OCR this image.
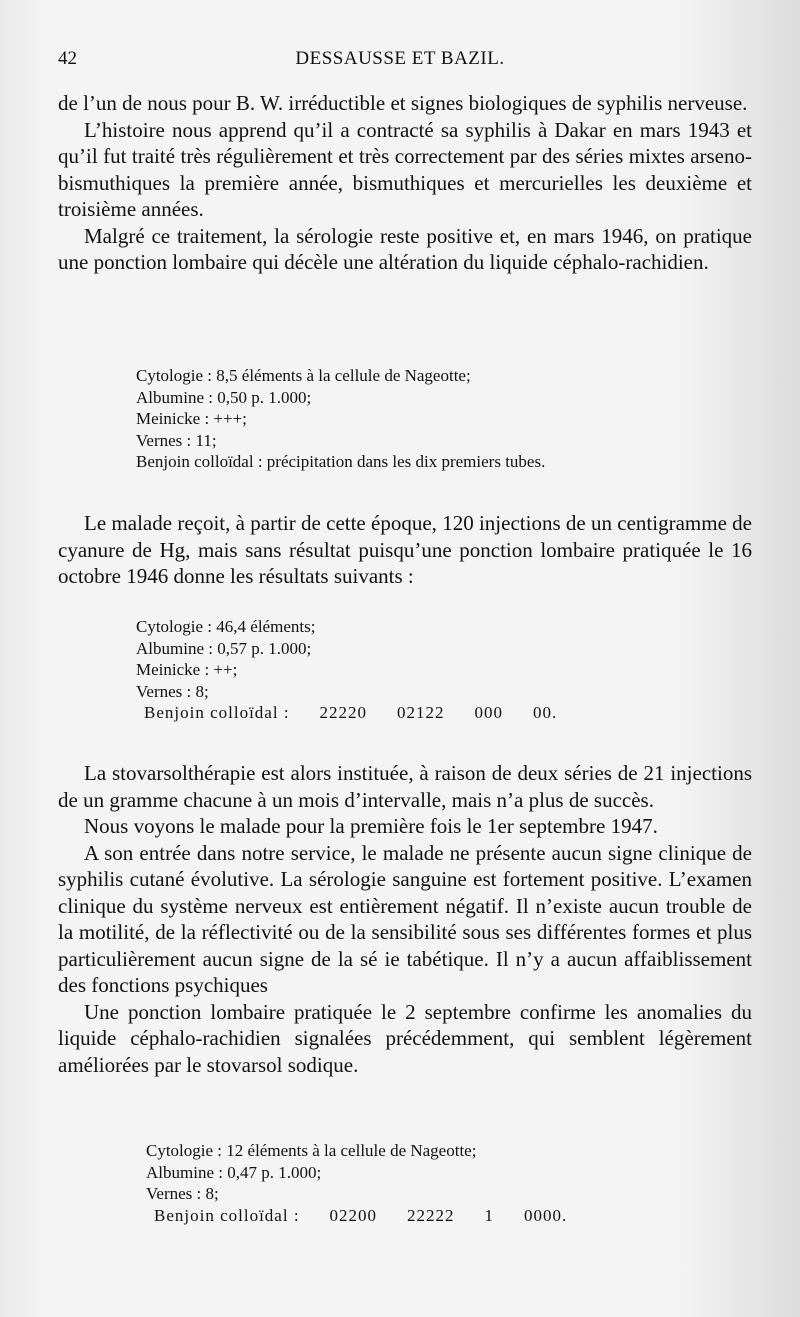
42	DESSAUSSE ET BAZIL.

de l’un de nous pour B. W. irréductible et signes biologiques de syphilis nerveuse.

L’histoire nous apprend qu’il a contracté sa syphilis à Dakar en mars 1943 et qu’il fut traité très régulièrement et très correctement par des séries mixtes arseno-bismuthiques la première année, bismuthiques et mercurielles les deuxième et troisième années.

Malgré ce traitement, la sérologie reste positive et, en mars 1946, on pratique une ponction lombaire qui décèle une altération du liquide céphalo-rachidien.

Cytologie : 8,5 éléments à la cellule de Nageotte;
Albumine : 0,50 p. 1.000;
Meinicke : +++;
Vernes : 11;
Benjoin colloïdal : précipitation dans les dix premiers tubes.

Le malade reçoit, à partir de cette époque, 120 injections de un centigramme de cyanure de Hg, mais sans résultat puisqu’une ponction lombaire pratiquée le 16 octobre 1946 donne les résultats suivants :

Cytologie : 46,4 éléments;
Albumine : 0,57 p. 1.000;
Meinicke : ++;
Vernes : 8;
Benjoin colloïdal : 22220 02122 000 00.

La stovarsolthérapie est alors instituée, à raison de deux séries de 21 injections de un gramme chacune à un mois d’intervalle, mais n’a plus de succès.

Nous voyons le malade pour la première fois le 1er septembre 1947.

A son entrée dans notre service, le malade ne présente aucun signe clinique de syphilis cutané évolutive. La sérologie sanguine est fortement positive. L’examen clinique du système nerveux est entièrement négatif. Il n’existe aucun trouble de la motilité, de la réflectivité ou de la sensibilité sous ses différentes formes et plus particulièrement aucun signe de la sé ie tabétique. Il n’y a aucun affaiblissement des fonctions psychiques

Une ponction lombaire pratiquée le 2 septembre confirme les anomalies du liquide céphalo-rachidien signalées précédemment, qui semblent légèrement améliorées par le stovarsol sodique.

Cytologie : 12 éléments à la cellule de Nageotte;
Albumine : 0,47 p. 1.000;
Vernes : 8;
Benjoin colloïdal : 02200 22222 1 0000.
